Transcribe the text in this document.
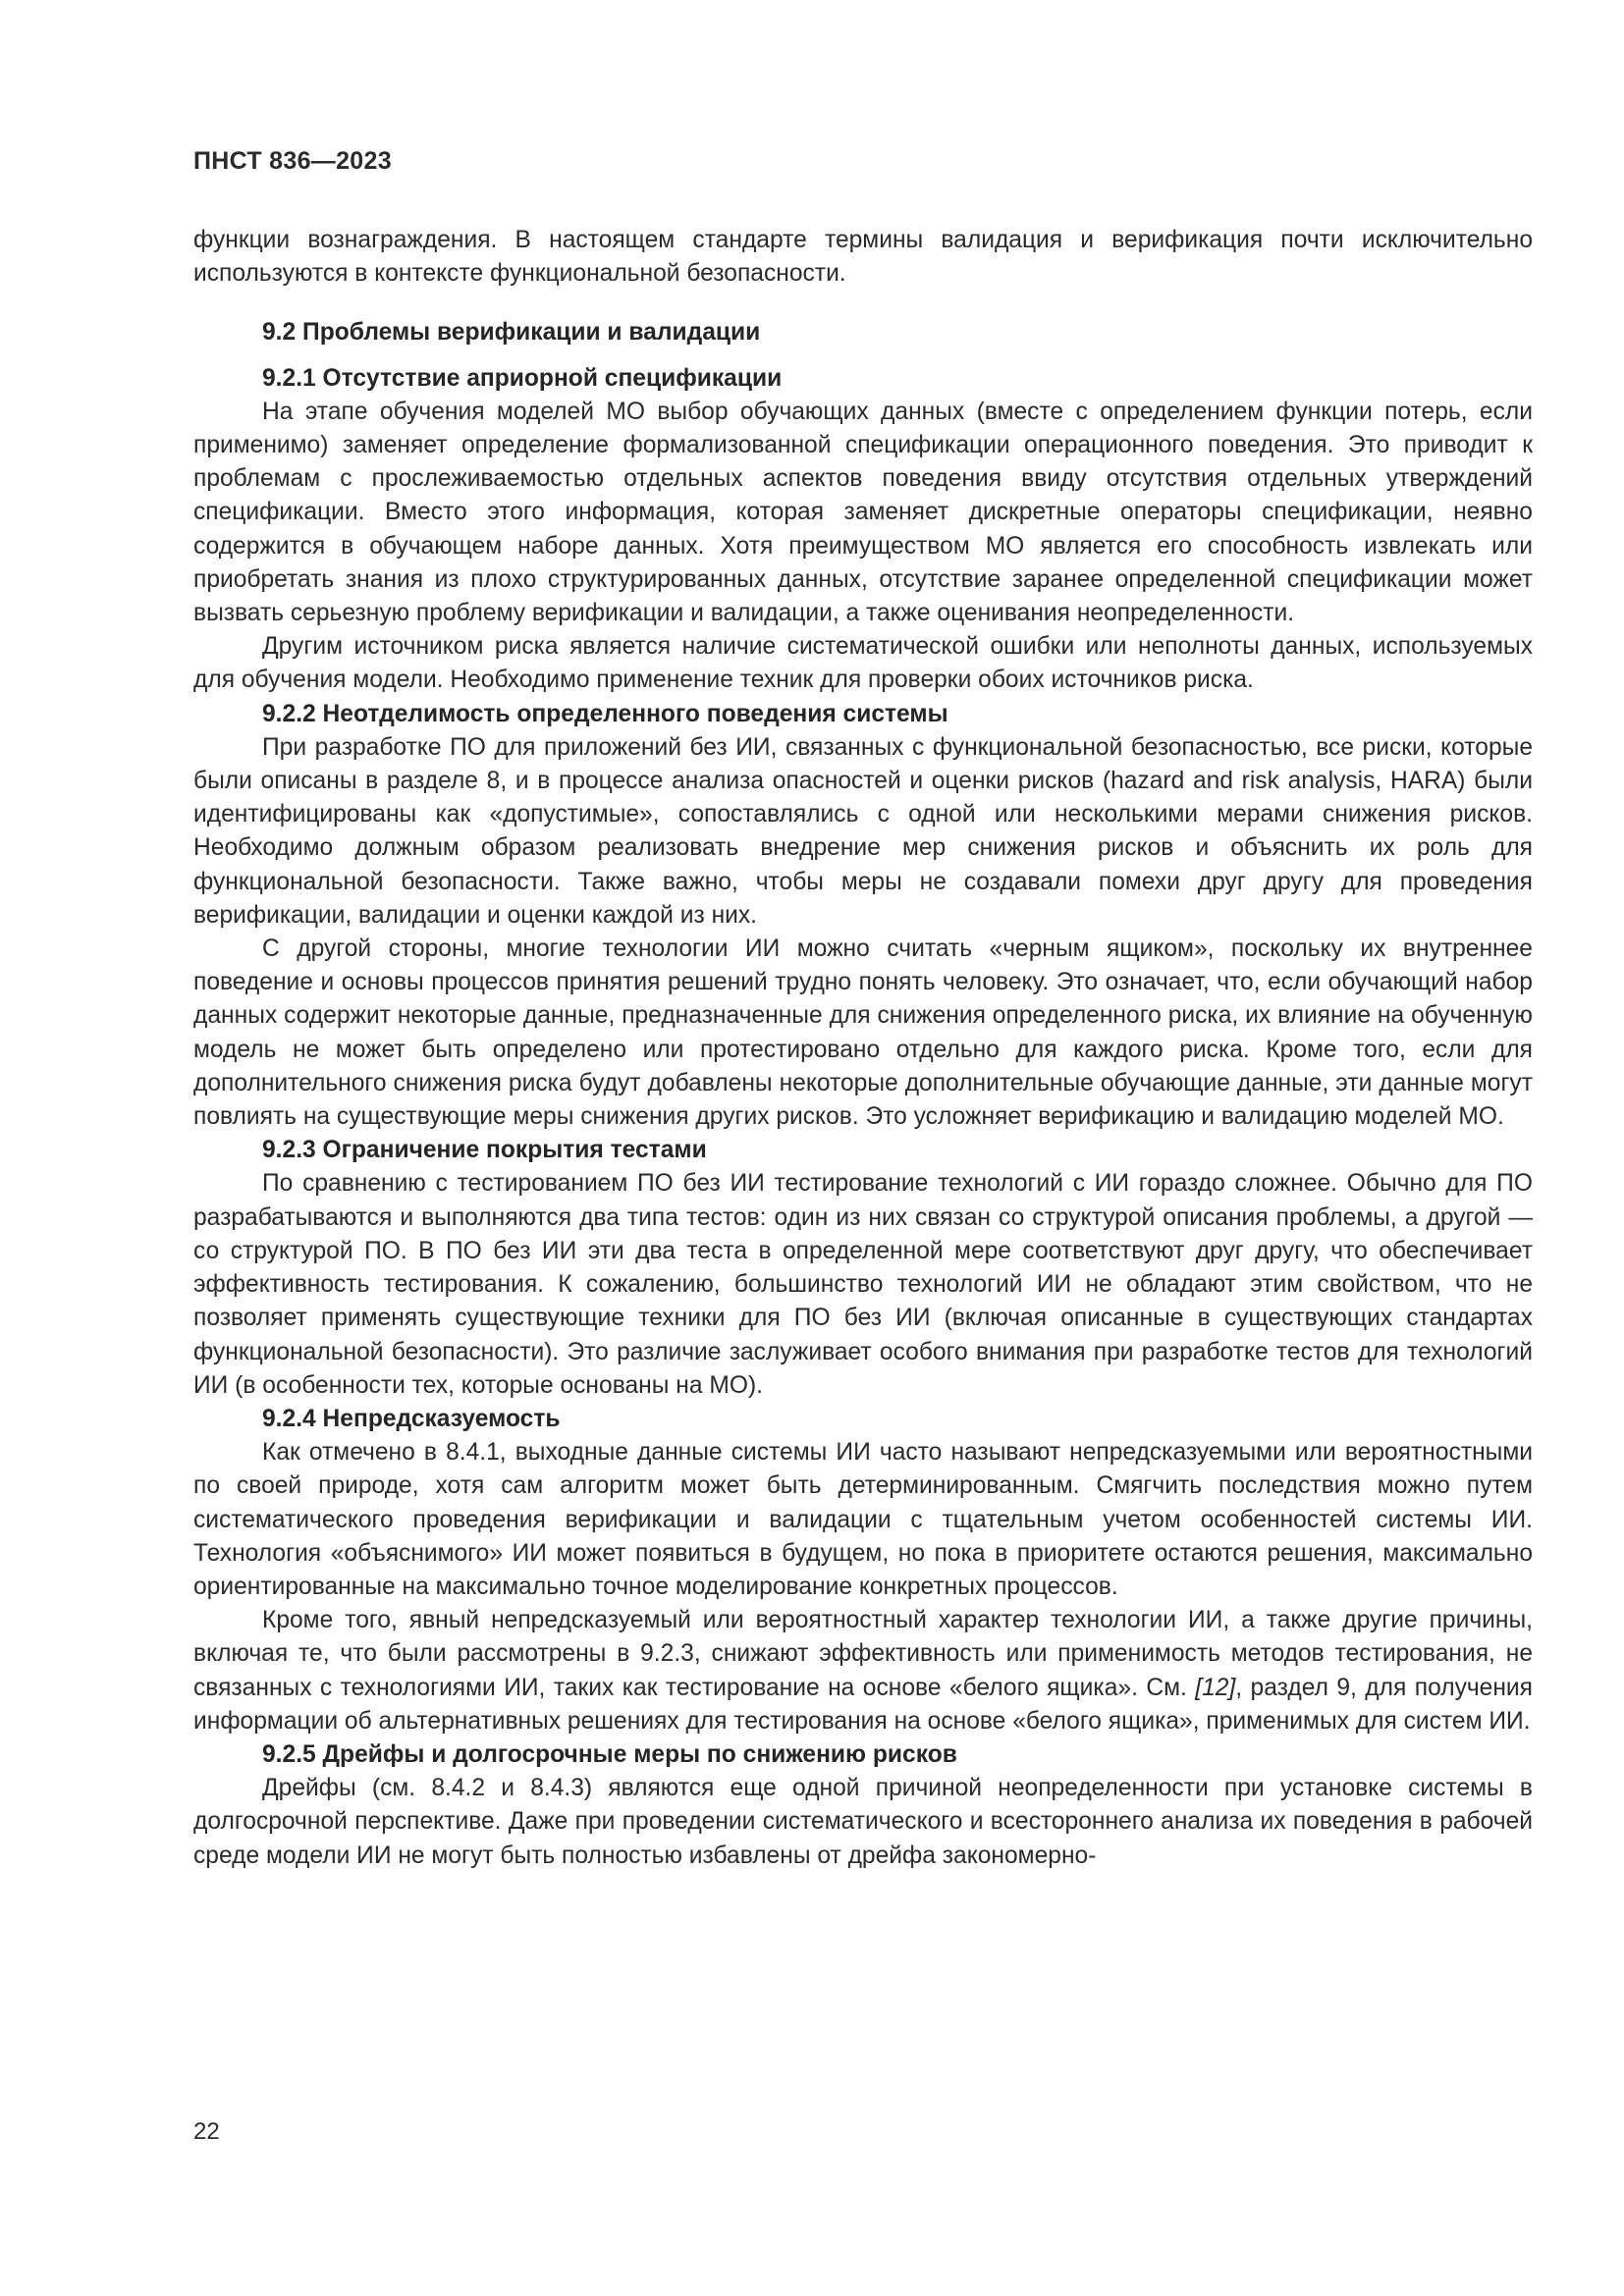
ПНСТ 836—2023

функции вознаграждения. В настоящем стандарте термины валидация и верификация почти исключительно используются в контексте функциональной безопасности.

9.2 Проблемы верификации и валидации
9.2.1 Отсутствие априорной спецификации

На этапе обучения моделей МО выбор обучающих данных (вместе с определением функции потерь, если применимо) заменяет определение формализованной спецификации операционного поведения. Это приводит к проблемам с прослеживаемостью отдельных аспектов поведения ввиду отсутствия отдельных утверждений спецификации. Вместо этого информация, которая заменяет дискретные операторы спецификации, неявно содержится в обучающем наборе данных. Хотя преимуществом МО является его способность извлекать или приобретать знания из плохо структурированных данных, отсутствие заранее определенной спецификации может вызвать серьезную проблему верификации и валидации, а также оценивания неопределенности.

Другим источником риска является наличие систематической ошибки или неполноты данных, используемых для обучения модели. Необходимо применение техник для проверки обоих источников риска.

9.2.2 Неотделимость определенного поведения системы

При разработке ПО для приложений без ИИ, связанных с функциональной безопасностью, все риски, которые были описаны в разделе 8, и в процессе анализа опасностей и оценки рисков (hazard and risk analysis, HARA) были идентифицированы как «допустимые», сопоставлялись с одной или несколькими мерами снижения рисков. Необходимо должным образом реализовать внедрение мер снижения рисков и объяснить их роль для функциональной безопасности. Также важно, чтобы меры не создавали помехи друг другу для проведения верификации, валидации и оценки каждой из них.

С другой стороны, многие технологии ИИ можно считать «черным ящиком», поскольку их внутреннее поведение и основы процессов принятия решений трудно понять человеку. Это означает, что, если обучающий набор данных содержит некоторые данные, предназначенные для снижения определенного риска, их влияние на обученную модель не может быть определено или протестировано отдельно для каждого риска. Кроме того, если для дополнительного снижения риска будут добавлены некоторые дополнительные обучающие данные, эти данные могут повлиять на существующие меры снижения других рисков. Это усложняет верификацию и валидацию моделей МО.

9.2.3 Ограничение покрытия тестами

По сравнению с тестированием ПО без ИИ тестирование технологий с ИИ гораздо сложнее. Обычно для ПО разрабатываются и выполняются два типа тестов: один из них связан со структурой описания проблемы, а другой — со структурой ПО. В ПО без ИИ эти два теста в определенной мере соответствуют друг другу, что обеспечивает эффективность тестирования. К сожалению, большинство технологий ИИ не обладают этим свойством, что не позволяет применять существующие техники для ПО без ИИ (включая описанные в существующих стандартах функциональной безопасности). Это различие заслуживает особого внимания при разработке тестов для технологий ИИ (в особенности тех, которые основаны на МО).

9.2.4 Непредсказуемость

Как отмечено в 8.4.1, выходные данные системы ИИ часто называют непредсказуемыми или вероятностными по своей природе, хотя сам алгоритм может быть детерминированным. Смягчить последствия можно путем систематического проведения верификации и валидации с тщательным учетом особенностей системы ИИ. Технология «объяснимого» ИИ может появиться в будущем, но пока в приоритете остаются решения, максимально ориентированные на максимально точное моделирование конкретных процессов.

Кроме того, явный непредсказуемый или вероятностный характер технологии ИИ, а также другие причины, включая те, что были рассмотрены в 9.2.3, снижают эффективность или применимость методов тестирования, не связанных с технологиями ИИ, таких как тестирование на основе «белого ящика». См. [12], раздел 9, для получения информации об альтернативных решениях для тестирования на основе «белого ящика», применимых для систем ИИ.

9.2.5 Дрейфы и долгосрочные меры по снижению рисков

Дрейфы (см. 8.4.2 и 8.4.3) являются еще одной причиной неопределенности при установке системы в долгосрочной перспективе. Даже при проведении систематического и всестороннего анализа их поведения в рабочей среде модели ИИ не могут быть полностью избавлены от дрейфа закономерно-

22
